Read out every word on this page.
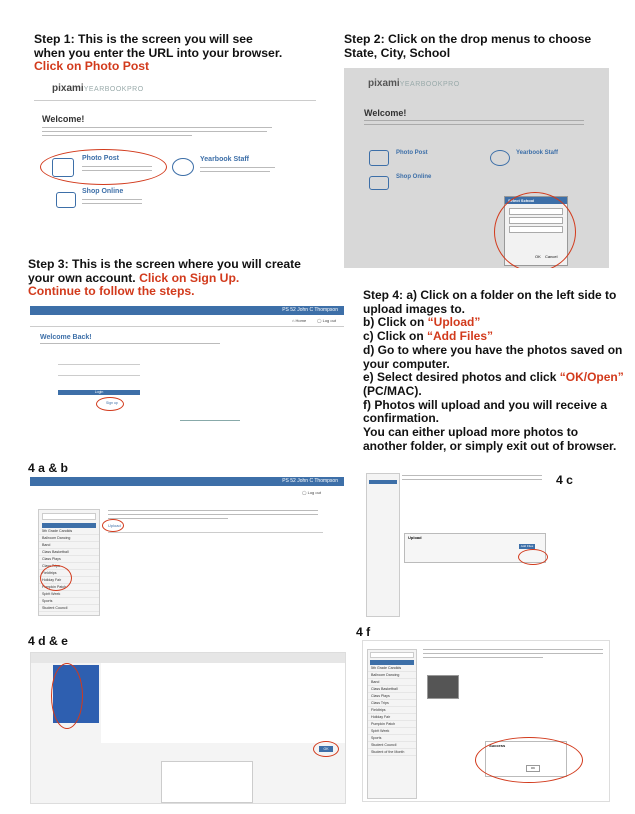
Step 1: This is the screen you will see
when you enter the URL into your browser.
Click on Photo Post
pixamiYEARBOOKPRO
Welcome!
Photo Post	Yearbook Staff
Shop Online
Step 2: Click on the drop menus to choose
State, City, School
pixamiYEARBOOKPRO
Welcome!
Photo Post	Yearbook Staff
Shop Online
Select School
OK Cancel
Step 3: This is the screen where you will create
your own account. Click on Sign Up.
Continue to follow the steps.
PS 52 John C Thompson
⌂ Home	◯ Log out
Welcome Back!
Login
Sign up
Step 4: a) Click on a folder on the left side to
upload images to.
b) Click on “Upload”
c) Click on “Add Files”
d) Go to where you have the photos saved on
your computer.
e) Select desired photos and click “OK/Open”
(PC/MAC).
f) Photos will upload and you will receive a
confirmation.
You can either upload more photos to
another folder, or simply exit out of browser.
4 a & b
PS 52 John C Thompson
◯ Log out
5th Grade Candids
Ballroom Dancing
Band
Class Basketball
Class Plays
Class Trips
Fieldtrips
Holiday Fair
Pumpkin Patch
Spirit Week
Sports
Student Council
Upload
Upload
Add Files
4 c
4 d & e
OK
4 f
5th Grade Candids
Ballroom Dancing
Band
Class Basketball
Class Plays
Class Trips
Fieldtrips
Holiday Fair
Pumpkin Patch
Spirit Week
Sports
Student Council
Student of the Month
Success
OK
